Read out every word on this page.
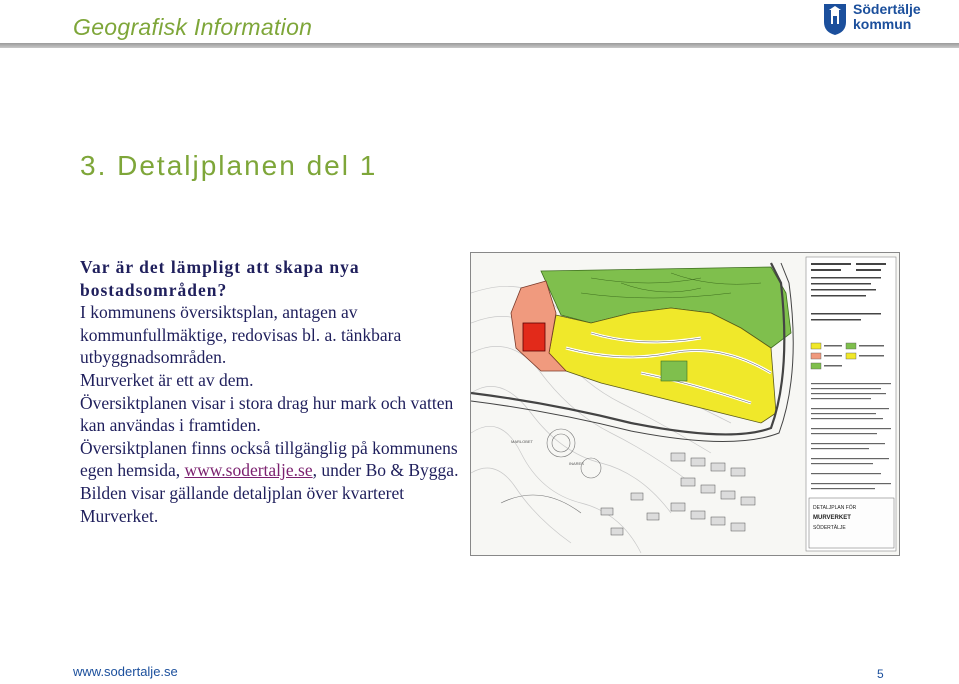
Geografisk Information
Södertälje
kommun
3. Detaljplanen del 1

Var är det lämpligt att skapa nya

bostadsområden?

I kommunens översiktsplan, antagen av kommunfullmäktige, redovisas bl. a. tänkbara utbyggnadsområden.

Murverket är ett av dem.

Översiktplanen visar i stora drag hur mark och vatten kan användas i framtiden.

Översiktplanen finns också tillgänglig på kommunens egen hemsida, www.sodertalje.se, under Bo & Bygga.

Bilden visar gällande detaljplan över kvarteret Murverket.

MARLOBET
INARES
DETALJPLAN FÖR
MURVERKET
SÖDERTÄLJE
www.sodertalje.se	5
